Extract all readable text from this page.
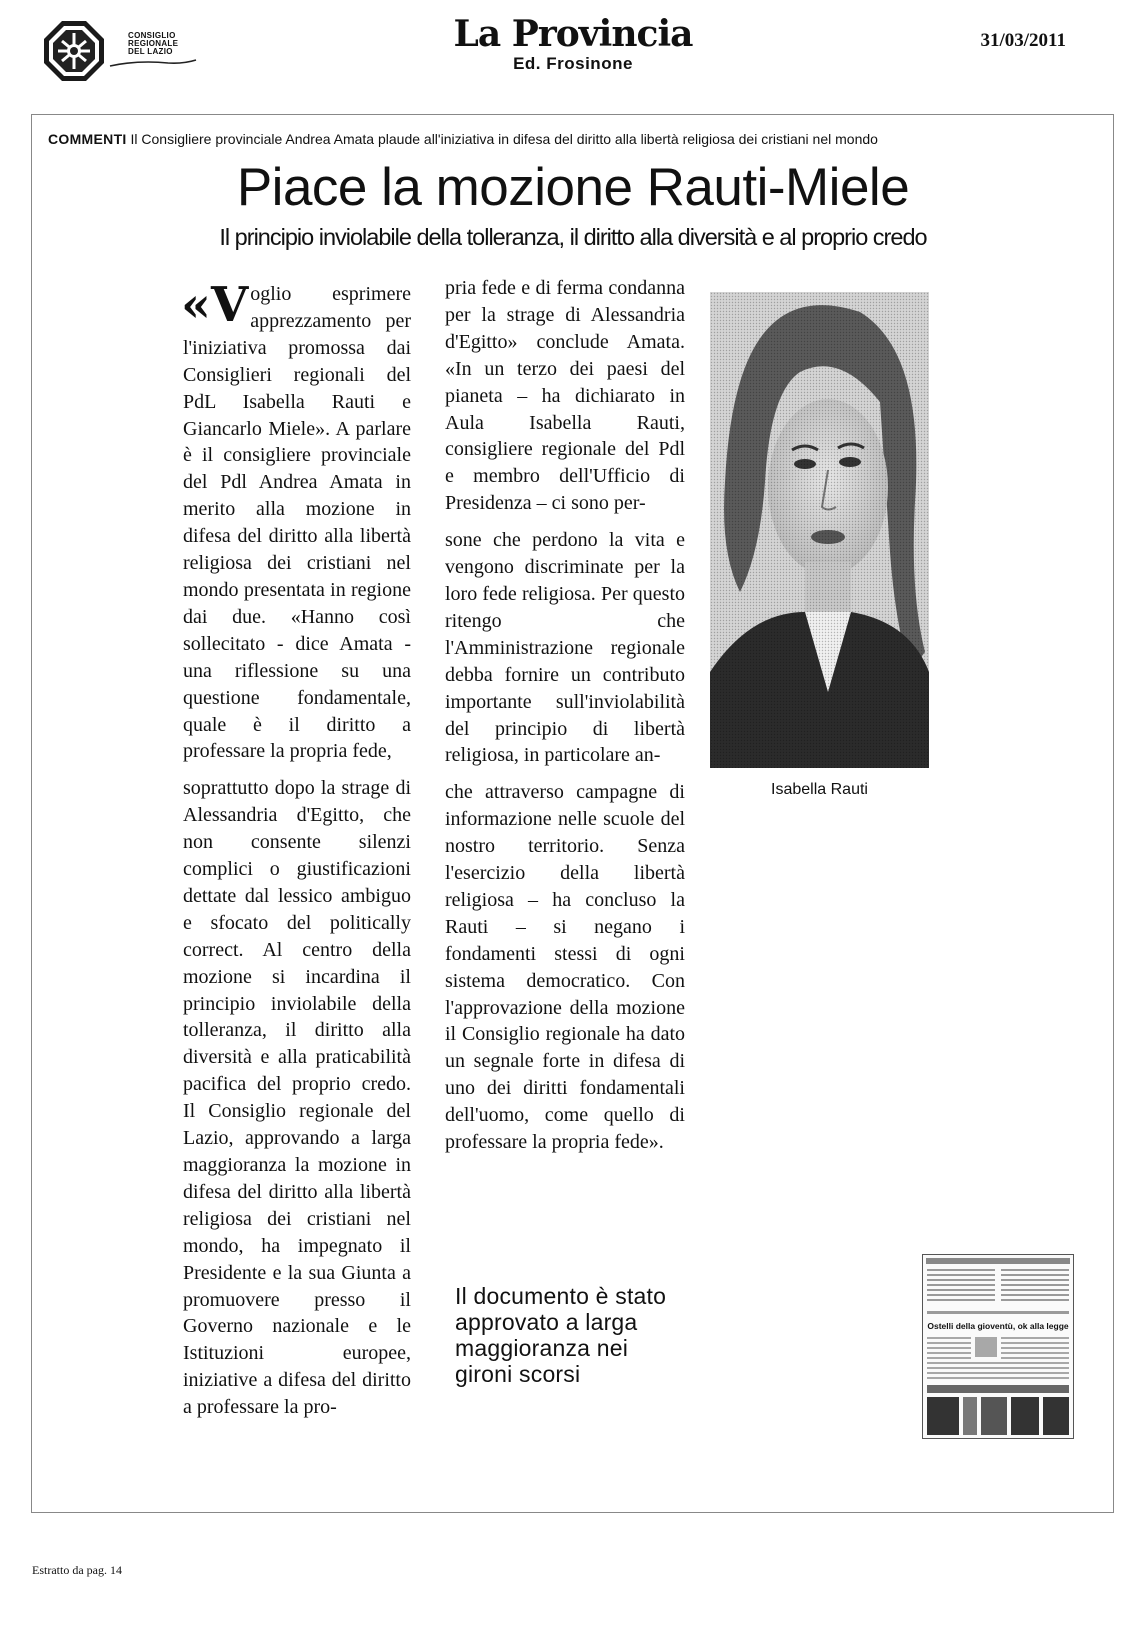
CONSIGLIO
REGIONALE
DEL LAZIO	La Provincia
Ed. Frosinone
31/03/2011
COMMENTI Il Consigliere provinciale Andrea Amata plaude all'iniziativa in difesa del diritto alla libertà religiosa dei cristiani nel mondo
Piace la mozione Rauti-Miele
Il principio inviolabile della tolleranza, il diritto alla diversità e al proprio credo

«Voglio esprimere apprezzamento per l'iniziativa promossa dai Consiglieri regionali del PdL Isabella Rauti e Giancarlo Miele». A parlare è il consigliere provinciale del Pdl Andrea Amata in merito alla mozione in difesa del diritto alla libertà religiosa dei cristiani nel mondo presentata in regione dai due. «Hanno così sollecitato - dice Amata - una riflessione su una questione fondamentale, quale è il diritto a professare la propria fede,

soprattutto dopo la strage di Alessandria d'Egitto, che non consente silenzi complici o giustificazioni dettate dal lessico ambiguo e sfocato del politically correct. Al centro della mozione si incardina il principio inviolabile della tolleranza, il diritto alla diversità e alla praticabilità pacifica del proprio credo. Il Consiglio regionale del Lazio, approvando a larga maggioranza la mozione in difesa del diritto alla libertà religiosa dei cristiani nel mondo, ha impegnato il Presidente e la sua Giunta a promuovere presso il Governo nazionale e le Istituzioni europee, iniziative a difesa del diritto a professare la pro-

pria fede e di ferma condanna per la strage di Alessandria d'Egitto» conclude Amata. «In un terzo dei paesi del pianeta – ha dichiarato in Aula Isabella Rauti, consigliere regionale del Pdl e membro dell'Ufficio di Presidenza – ci sono per-

sone che perdono la vita e vengono discriminate per la loro fede religiosa. Per questo ritengo che l'Amministrazione regionale debba fornire un contributo importante sull'inviolabilità del principio di libertà religiosa, in particolare an-

che attraverso campagne di informazione nelle scuole del nostro territorio. Senza l'esercizio della libertà religiosa – ha concluso la Rauti – si negano i fondamenti stessi di ogni sistema democratico. Con l'approvazione della mozione il Consiglio regionale ha dato un segnale forte in difesa di uno dei diritti fondamentali dell'uomo, come quello di professare la propria fede».

Il documento è stato approvato a larga maggioranza nei gironi scorsi
Isabella Rauti
Ostelli della gioventù, ok alla legge
Estratto da pag. 14
